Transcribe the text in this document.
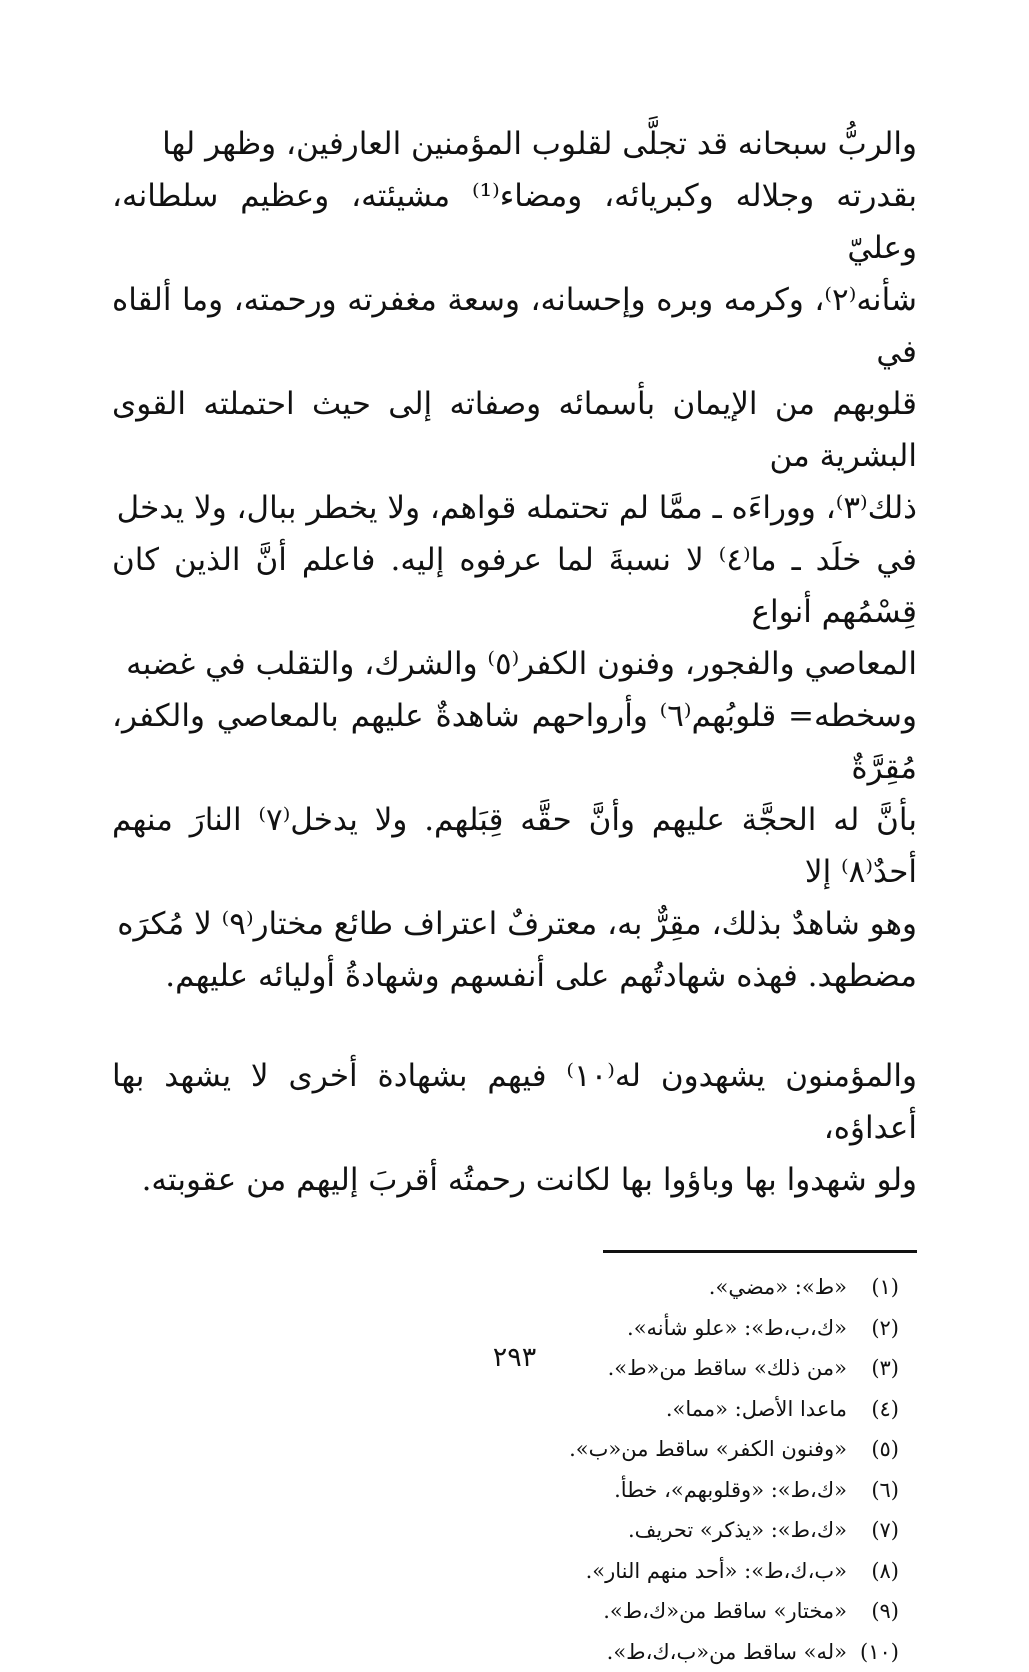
والربُّ سبحانه قد تجلَّى لقلوب المؤمنين العارفين، وظهر لها

بقدرته وجلاله وكبريائه، ومضاء⁽¹⁾ مشيئته، وعظيم سلطانه، وعليّ

شأنه⁽٢⁾، وكرمه وبره وإحسانه، وسعة مغفرته ورحمته، وما ألقاه في

قلوبهم من الإيمان بأسمائه وصفاته إلى حيث احتملته القوى البشرية من

ذلك⁽٣⁾، ووراءَه ـ ممَّا لم تحتمله قواهم، ولا يخطر ببال، ولا يدخل

في خلَد ـ ما⁽٤⁾ لا نسبةَ لما عرفوه إليه. فاعلم أنَّ الذين كان قِسْمُهم أنواع

المعاصي والفجور، وفنون الكفر⁽٥⁾ والشرك، والتقلب في غضبه

وسخطه= قلوبُهم⁽٦⁾ وأرواحهم شاهدةٌ عليهم بالمعاصي والكفر، مُقِرَّةٌ

بأنَّ له الحجَّة عليهم وأنَّ حقَّه قِبَلهم. ولا يدخل⁽٧⁾ النارَ منهم أحدٌ⁽٨⁾ إلا

وهو شاهدٌ بذلك، مقِرٌّ به، معترفٌ اعتراف طائع مختار⁽٩⁾ لا مُكرَه

مضطهد. فهذه شهادتُهم على أنفسهم وشهادةُ أوليائه عليهم.

والمؤمنون يشهدون له⁽١٠⁾ فيهم بشهادة أخرى لا يشهد بها أعداؤه،

ولو شهدوا بها وباؤوا بها لكانت رحمتُه أقربَ إليهم من عقوبته.

(١)«ط»: «مضي».
(٢)«ك،ب،ط»: «علو شأنه».
(٣)«من ذلك» ساقط من«ط».
(٤)ماعدا الأصل: «مما».
(٥)«وفنون الكفر» ساقط من«ب».
(٦)«ك،ط»: «وقلوبهم»، خطأ.
(٧)«ك،ط»: «يذكر» تحريف.
(٨)«ب،ك،ط»: «أحد منهم النار».
(٩)«مختار» ساقط من«ك،ط».
(١٠)«له» ساقط من«ب،ك،ط».
٢٩٣
